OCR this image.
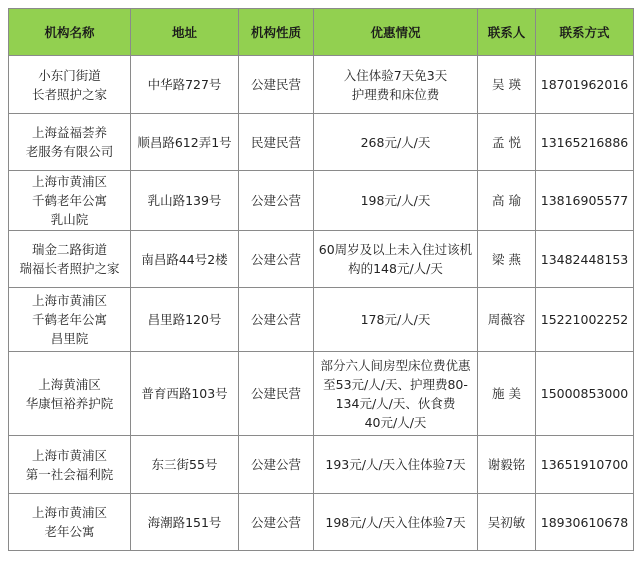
机构名称	地址	机构性质	优惠情况	联系人	联系方式
小东门街道
长者照护之家	中华路727号	公建民营	入住体验7天免3天
护理费和床位费	吴 瑛	18701962016
上海益福荟养
老服务有限公司	顺昌路612弄1号	民建民营	268元/人/天	孟 悦	13165216886
上海市黄浦区
千鹤老年公寓
乳山院	乳山路139号	公建公营	198元/人/天	高 瑜	13816905577
瑞金二路街道
瑞福长者照护之家	南昌路44号2楼	公建公营	60周岁及以上未入住过该机
构的148元/人/天	梁 燕	13482448153
上海市黄浦区
千鹤老年公寓
昌里院	昌里路120号	公建公营	178元/人/天	周薇容	15221002252
上海黄浦区
华康恒裕养护院	普育西路103号	公建民营	部分六人间房型床位费优惠
至53元/人/天、护理费80-
134元/人/天、伙食费
40元/人/天	施 美	15000853000
上海市黄浦区
第一社会福利院	东三街55号	公建公营	193元/人/天入住体验7天	谢毅铭	13651910700
上海市黄浦区
老年公寓	海潮路151号	公建公营	198元/人/天入住体验7天	吴初敏	18930610678
